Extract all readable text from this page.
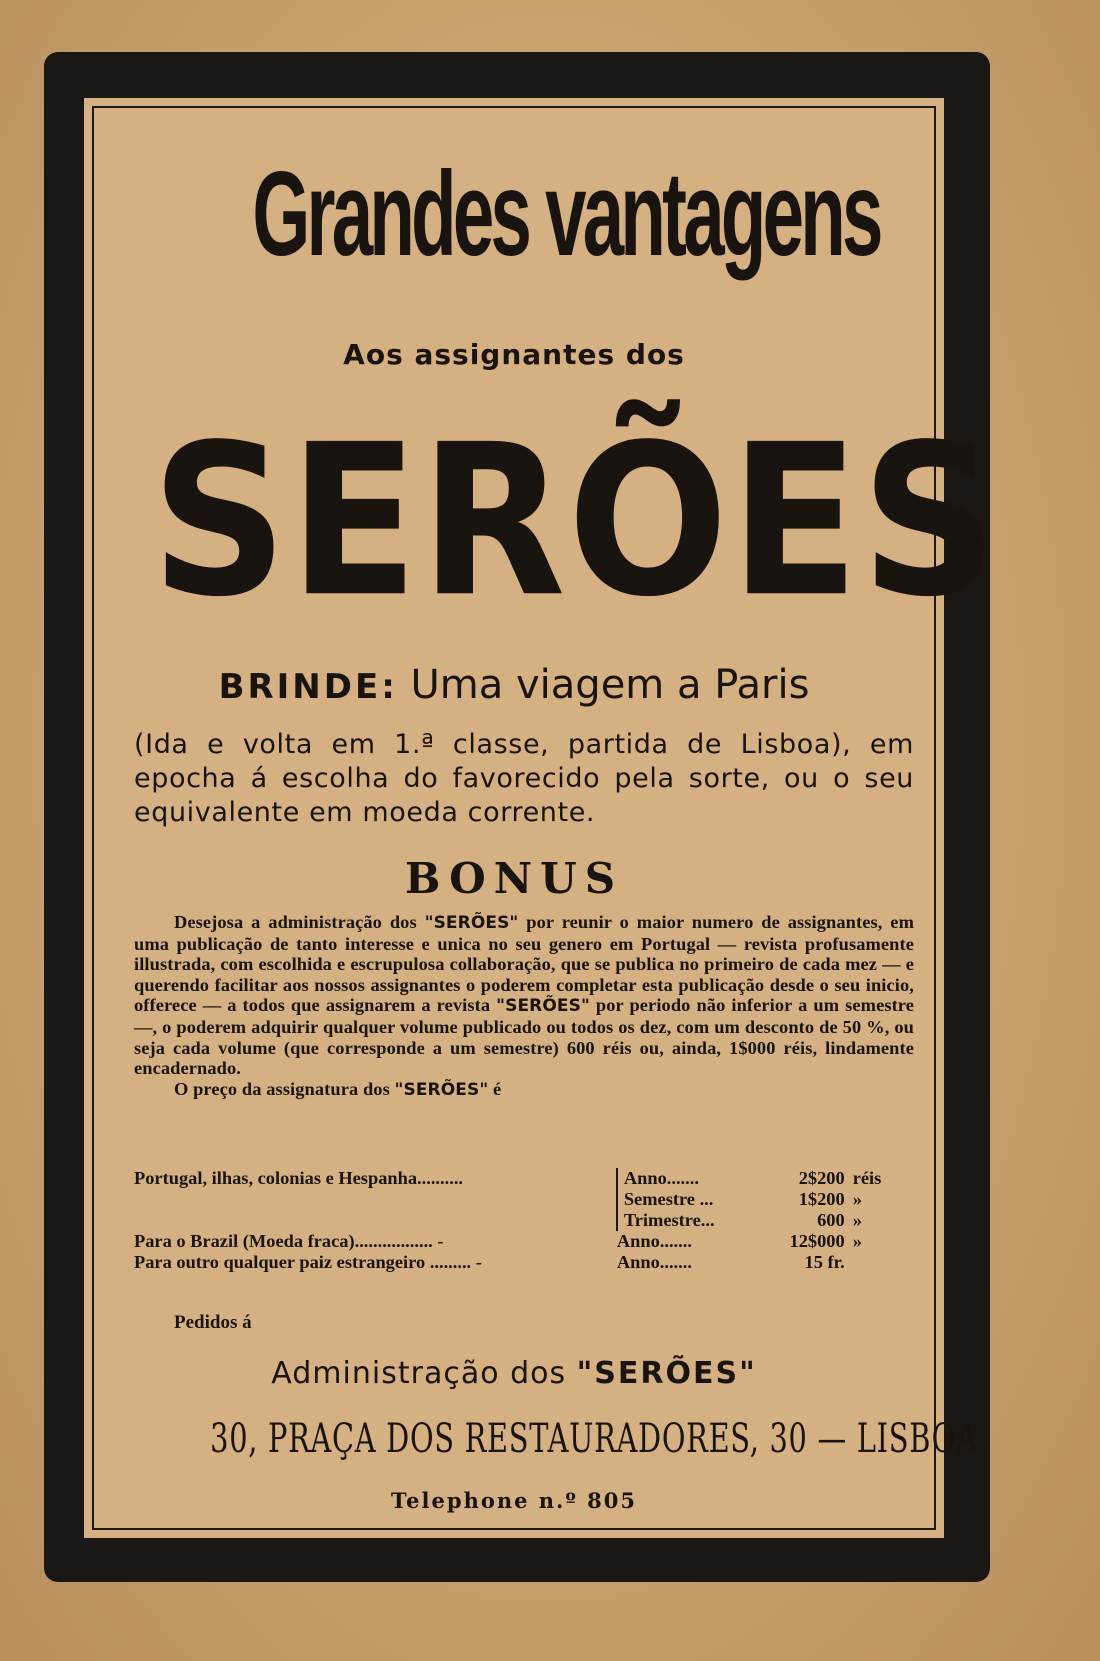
Grandes vantagens
Aos assignantes dos
SERÕES
BRINDE: Uma viagem a Paris
(Ida e volta em 1.ª classe, partida de Lisboa), em epocha á escolha do favorecido pela sorte, ou o seu equivalente em moeda corrente.
BONUS

Desejosa a administração dos "SERÕES" por reunir o maior numero de assignantes, em uma publicação de tanto interesse e unica no seu genero em Portugal — revista profusamente illustrada, com escolhida e escrupulosa collaboração, que se publica no primeiro de cada mez — e querendo facilitar aos nossos assignantes o poderem completar esta publicação desde o seu inicio, offerece — a todos que assignarem a revista "SERÕES" por periodo não inferior a um semestre —, o poderem adquirir qualquer volume publicado ou todos os dez, com um desconto de 50 %, ou seja cada volume (que corresponde a um semestre) 600 réis ou, ainda, 1$000 réis, lindamente encadernado.

O preço da assignatura dos "SERÕES" é

Portugal, ilhas, colonias e Hespanha..........	Anno.......	2$200	réis
	Semestre ...	1$200	»
	Trimestre...	600	»
Para o Brazil (Moeda fraca)................. -	Anno.......	12$000	»
Para outro qualquer paiz estrangeiro ......... -	Anno.......	15 fr.	
Pedidos á
Administração dos "SERÕES"
30, PRAÇA DOS RESTAURADORES, 30 — LISBOA
Telephone n.º 805
